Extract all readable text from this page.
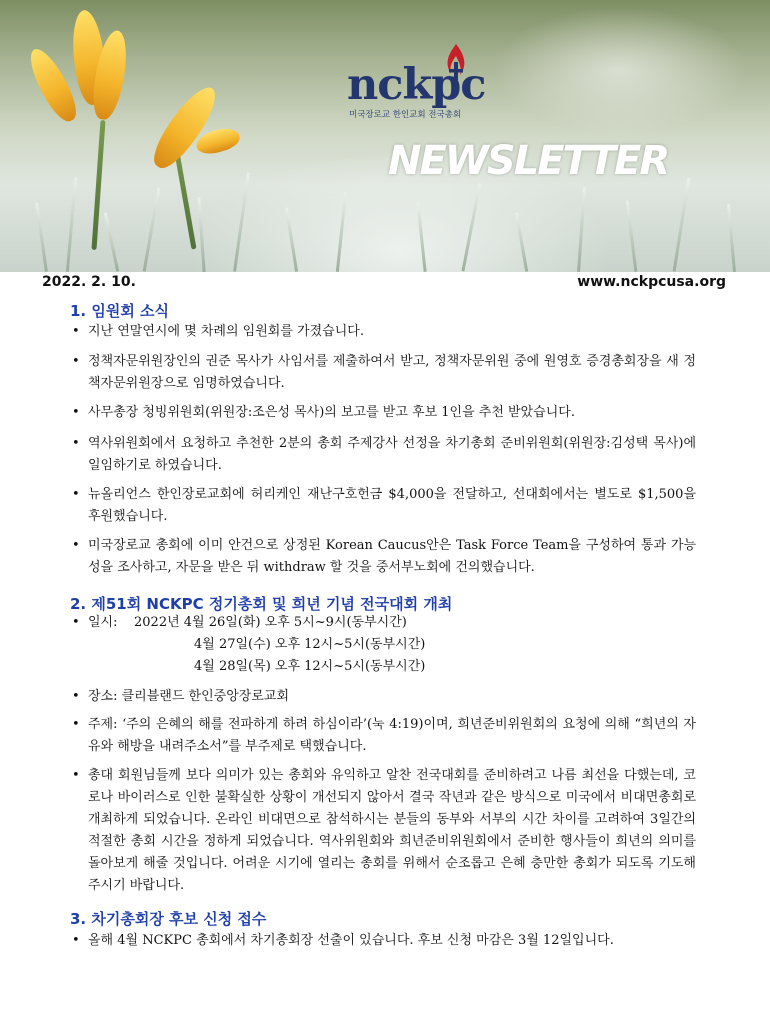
nckpc
미국장로교 한인교회 전국총회
NEWSLETTER
2022. 2. 10.	www.nckpcusa.org
1. 임원회 소식
• 지난 연말연시에 몇 차례의 임원회를 가졌습니다.
• 정책자문위원장인의 권준 목사가 사임서를 제출하여서 받고, 정책자문위원 중에 원영호 증경총회장을 새 정책자문위원장으로 임명하였습니다.
• 사무총장 청빙위원회(위원장:조은성 목사)의 보고를 받고 후보 1인을 추천 받았습니다.
• 역사위원회에서 요청하고 추천한 2분의 총회 주제강사 선정을 차기총회 준비위원회(위원장:김성택 목사)에 일임하기로 하였습니다.
• 뉴올리언스 한인장로교회에 허리케인 재난구호헌금 $4,000을 전달하고, 선대회에서는 별도로 $1,500을 후원했습니다.
• 미국장로교 총회에 이미 안건으로 상정된 Korean Caucus안은 Task Force Team을 구성하여 통과 가능성을 조사하고, 자문을 받은 뒤 withdraw 할 것을 중서부노회에 건의했습니다.
2. 제51회 NCKPC 정기총회 및 희년 기념 전국대회 개최
• 일시:	2022년 4월 26일(화) 오후 5시~9시(동부시간)
4월 27일(수) 오후 12시~5시(동부시간)
4월 28일(목) 오후 12시~5시(동부시간)
• 장소: 클리블랜드 한인중앙장로교회
• 주제: ‘주의 은혜의 해를 전파하게 하려 하심이라’(눅 4:19)이며, 희년준비위원회의 요청에 의해 “희년의 자유와 해방을 내려주소서”를 부주제로 택했습니다.
• 총대 회원님들께 보다 의미가 있는 총회와 유익하고 알찬 전국대회를 준비하려고 나름 최선을 다했는데, 코로나 바이러스로 인한 불확실한 상황이 개선되지 않아서 결국 작년과 같은 방식으로 미국에서 비대면총회로 개최하게 되었습니다. 온라인 비대면으로 참석하시는 분들의 동부와 서부의 시간 차이를 고려하여 3일간의 적절한 총회 시간을 정하게 되었습니다. 역사위원회와 희년준비위원회에서 준비한 행사들이 희년의 의미를 돌아보게 해줄 것입니다. 어려운 시기에 열리는 총회를 위해서 순조롭고 은혜 충만한 총회가 되도록 기도해주시기 바랍니다.
3. 차기총회장 후보 신청 접수
• 올해 4월 NCKPC 총회에서 차기총회장 선출이 있습니다. 후보 신청 마감은 3월 12일입니다.
